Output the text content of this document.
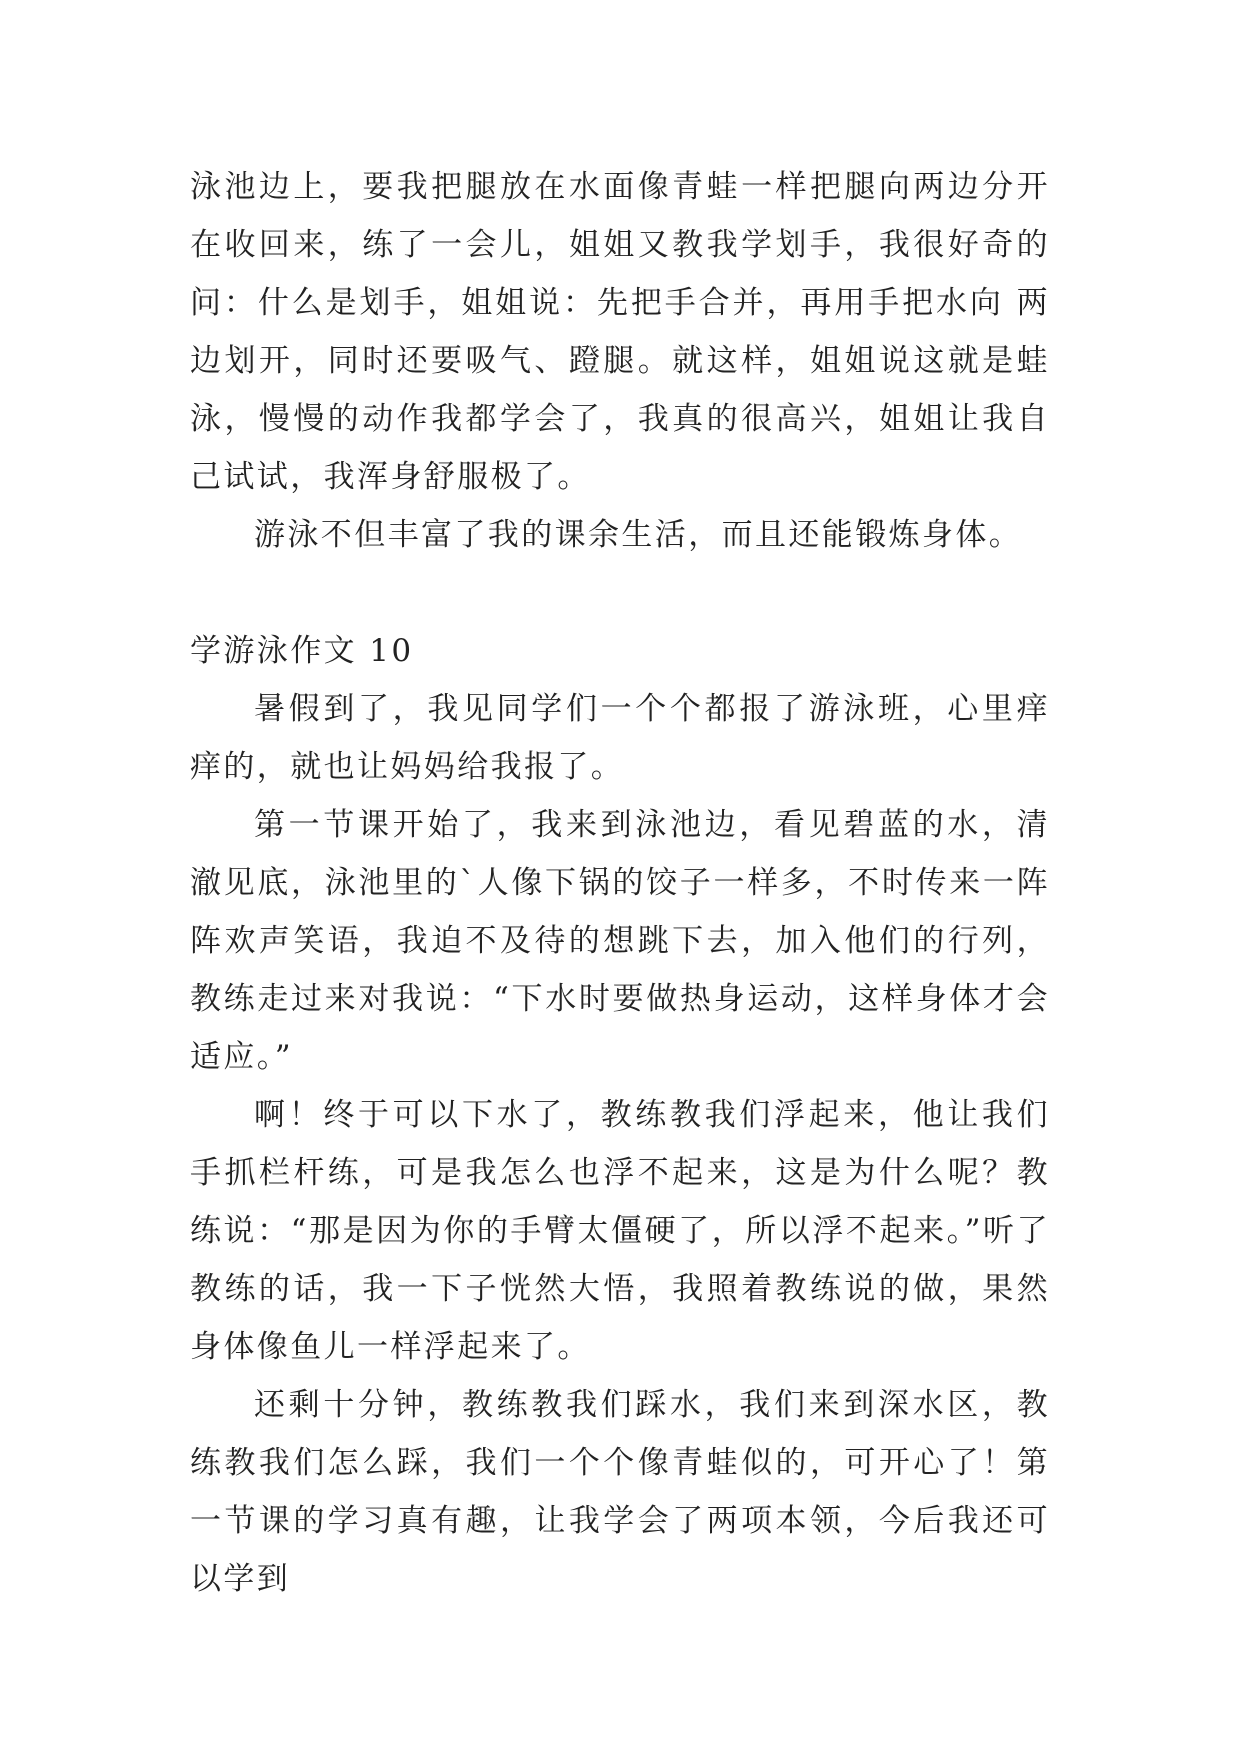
泳池边上，要我把腿放在水面像青蛙一样把腿向两边分开在收回来，练了一会儿，姐姐又教我学划手，我很好奇的问：什么是划手，姐姐说：先把手合并，再用手把水向 两边划开，同时还要吸气、蹬腿。就这样，姐姐说这就是蛙泳，慢慢的动作我都学会了，我真的很高兴，姐姐让我自己试试，我浑身舒服极了。

游泳不但丰富了我的课余生活，而且还能锻炼身体。

学游泳作文 10

暑假到了，我见同学们一个个都报了游泳班，心里痒痒的，就也让妈妈给我报了。

第一节课开始了，我来到泳池边，看见碧蓝的水，清澈见底，泳池里的`人像下锅的饺子一样多，不时传来一阵阵欢声笑语，我迫不及待的想跳下去，加入他们的行列，教练走过来对我说：“下水时要做热身运动，这样身体才会适应。”

啊！终于可以下水了，教练教我们浮起来，他让我们手抓栏杆练，可是我怎么也浮不起来，这是为什么呢？教练说：“那是因为你的手臂太僵硬了，所以浮不起来。”听了教练的话，我一下子恍然大悟，我照着教练说的做，果然身体像鱼儿一样浮起来了。

还剩十分钟，教练教我们踩水，我们来到深水区，教练教我们怎么踩，我们一个个像青蛙似的，可开心了！第一节课的学习真有趣，让我学会了两项本领，今后我还可以学到
